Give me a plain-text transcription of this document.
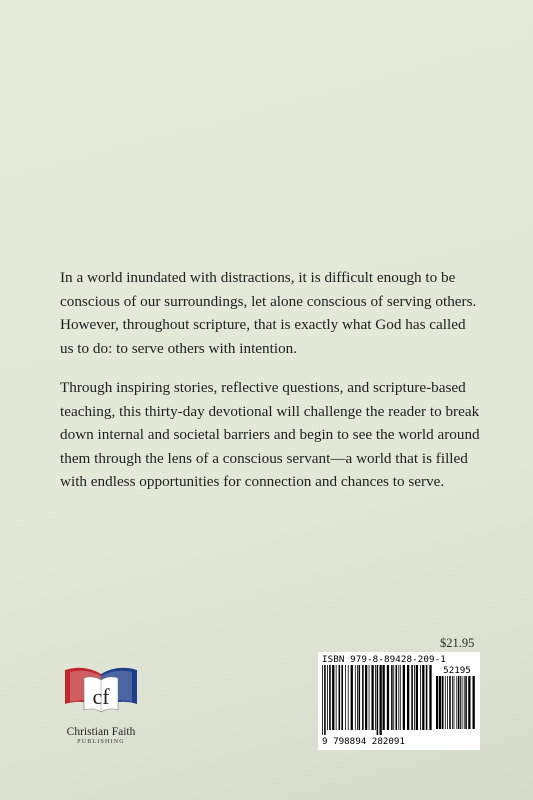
In a world inundated with distractions, it is difficult enough to be conscious of our surroundings, let alone conscious of serving others. However, throughout scripture, that is exactly what God has called us to do: to serve others with intention.

Through inspiring stories, reflective questions, and scripture-based teaching, this thirty-day devotional will challenge the reader to break down internal and societal barriers and begin to see the world around them through the lens of a conscious servant—a world that is filled with endless opportunities for connection and chances to serve.

$21.95
ISBN 979-8-89428-209-1
52195
9 798894 282091
cf
Christian Faith
PUBLISHING
